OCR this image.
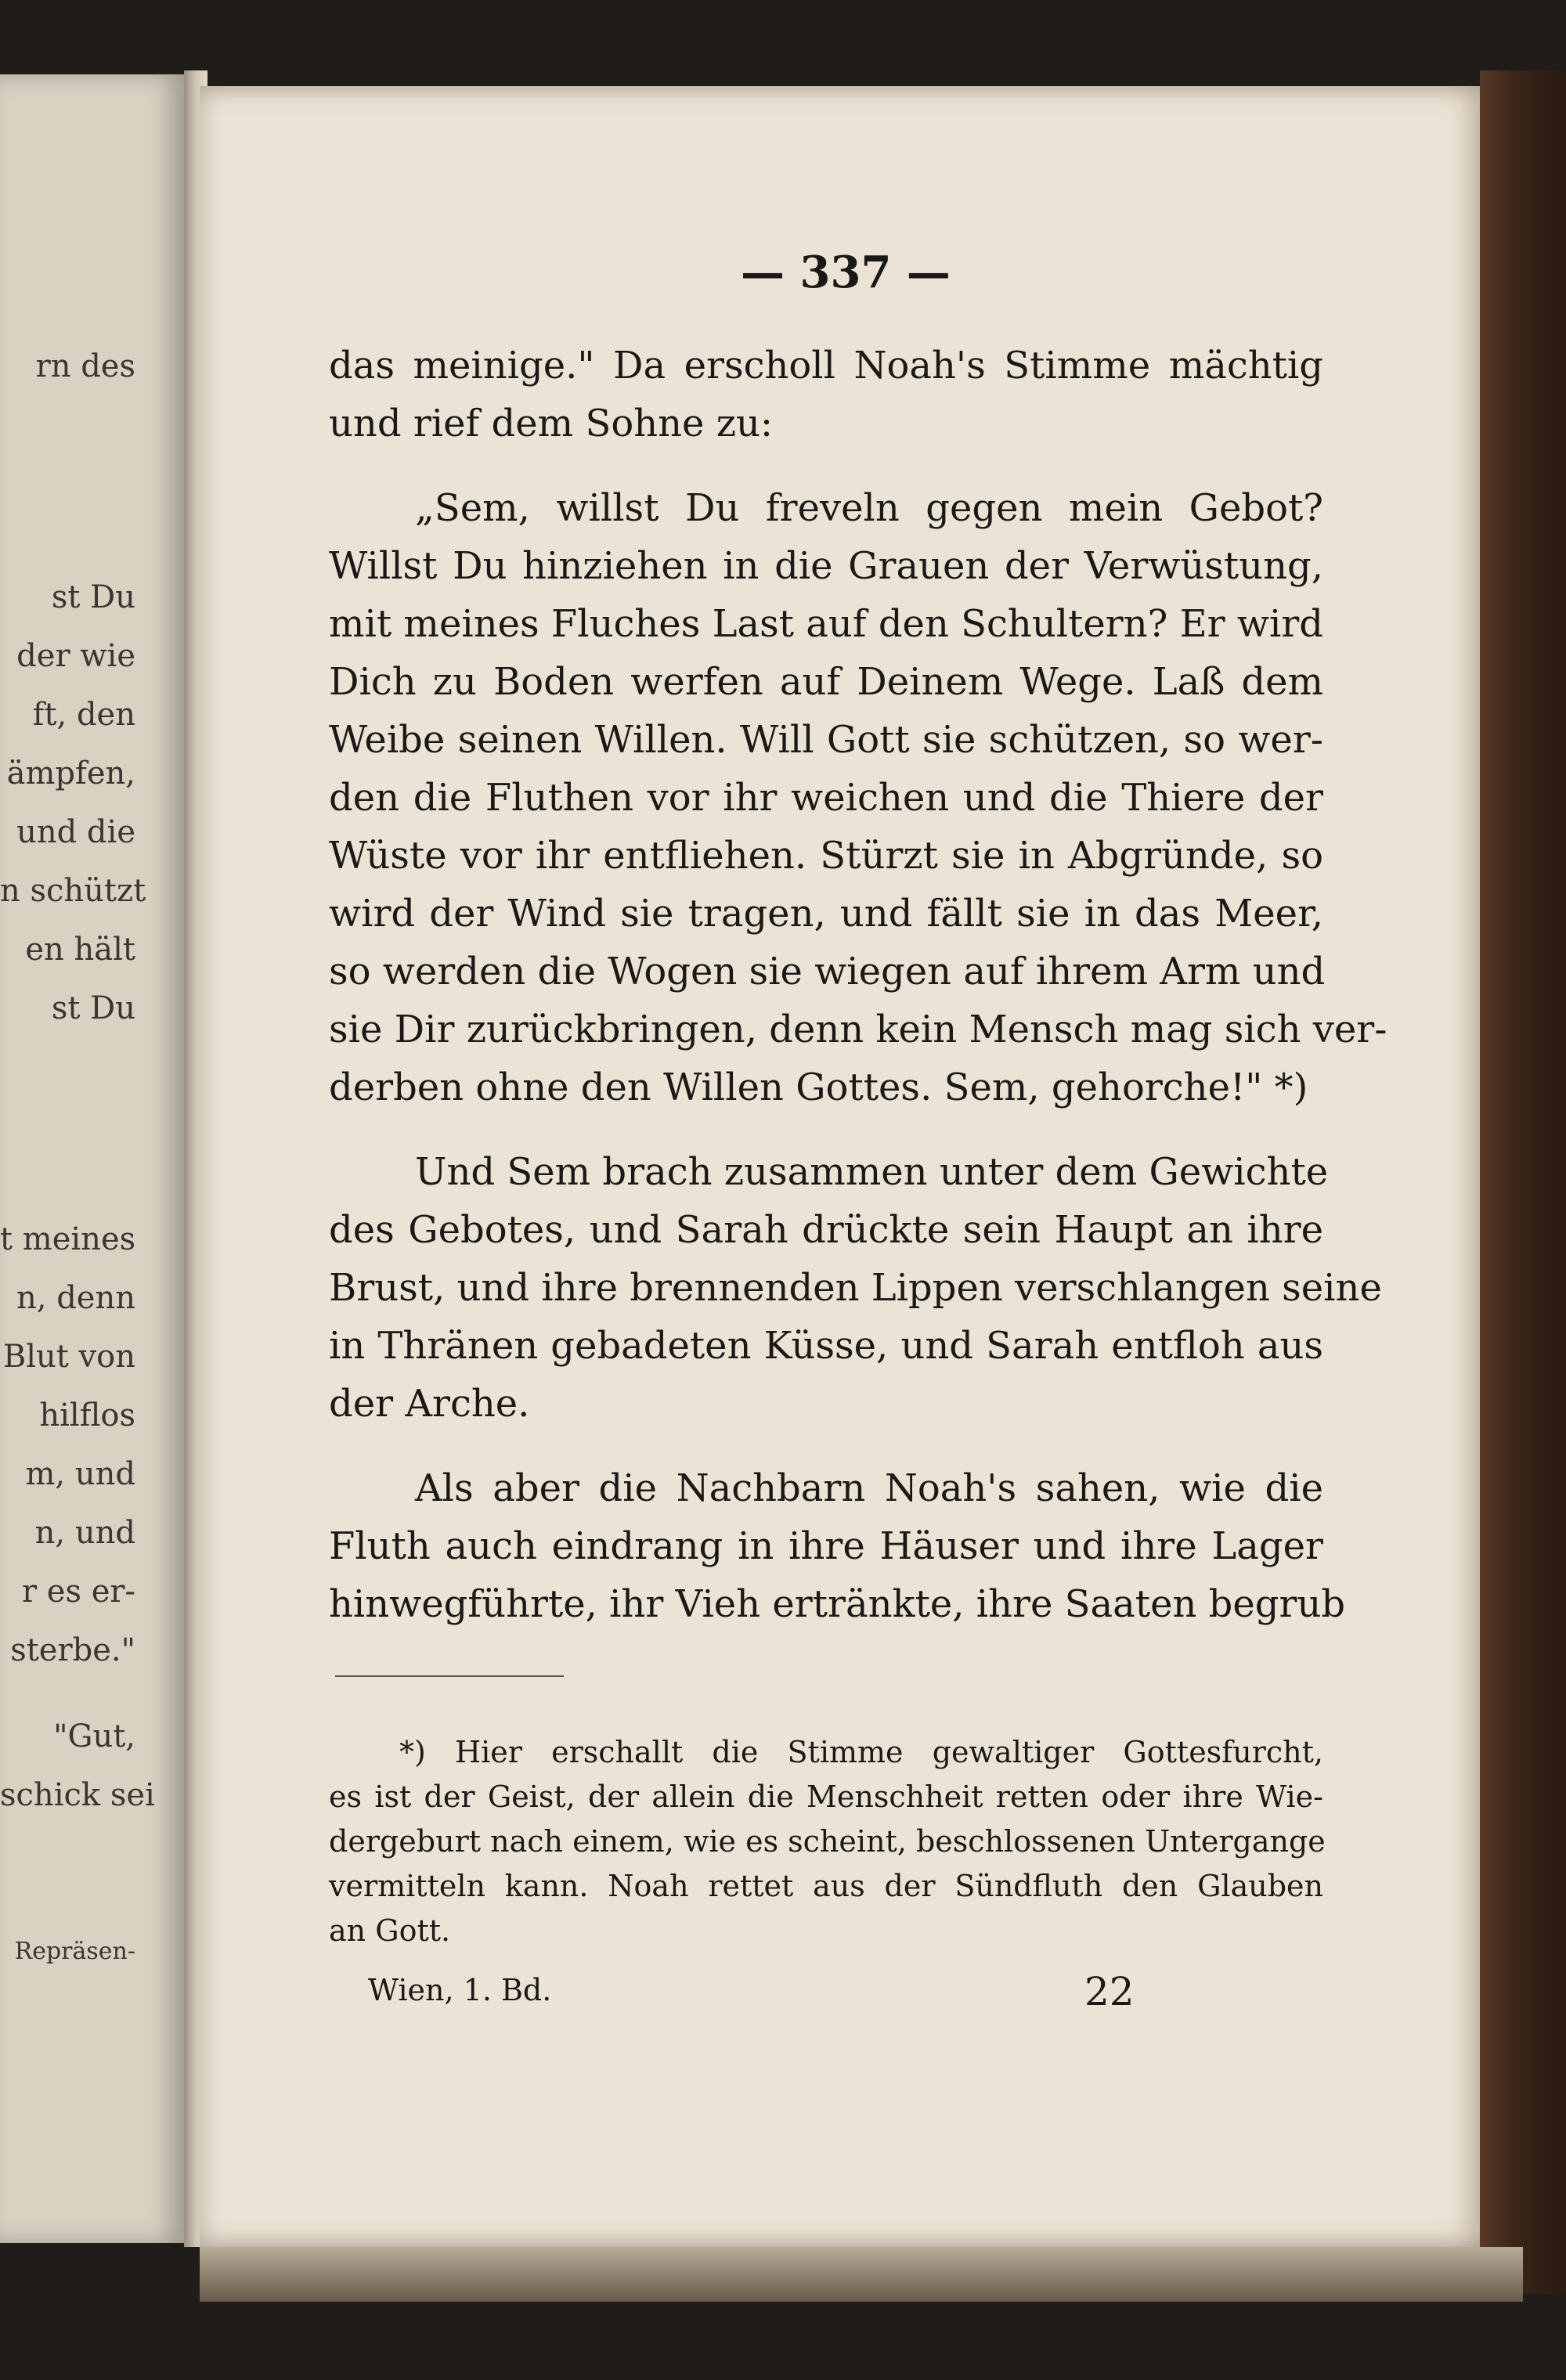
rn des
st Du
der wie
ft, den
ämpfen,
und die
n schützt
en hält
st Du
t meines
n, denn
Blut von
hilflos
m, und
n, und
r es er-
sterbe."
"Gut,
schick sei
Repräsen-
— 337 —
das meinige." Da erscholl Noah's Stimme mächtig
und rief dem Sohne zu:
„Sem, willst Du freveln gegen mein Gebot?
Willst Du hinziehen in die Grauen der Verwüstung,
mit meines Fluches Last auf den Schultern? Er wird
Dich zu Boden werfen auf Deinem Wege. Laß dem
Weibe seinen Willen. Will Gott sie schützen, so wer-
den die Fluthen vor ihr weichen und die Thiere der
Wüste vor ihr entfliehen. Stürzt sie in Abgründe, so
wird der Wind sie tragen, und fällt sie in das Meer,
so werden die Wogen sie wiegen auf ihrem Arm und
sie Dir zurückbringen, denn kein Mensch mag sich ver-
derben ohne den Willen Gottes. Sem, gehorche!" *)
Und Sem brach zusammen unter dem Gewichte
des Gebotes, und Sarah drückte sein Haupt an ihre
Brust, und ihre brennenden Lippen verschlangen seine
in Thränen gebadeten Küsse, und Sarah entfloh aus
der Arche.
Als aber die Nachbarn Noah's sahen, wie die
Fluth auch eindrang in ihre Häuser und ihre Lager
hinwegführte, ihr Vieh ertränkte, ihre Saaten begrub
*) Hier erschallt die Stimme gewaltiger Gottesfurcht,
es ist der Geist, der allein die Menschheit retten oder ihre Wie-
dergeburt nach einem, wie es scheint, beschlossenen Untergange
vermitteln kann. Noah rettet aus der Sündfluth den Glauben
an Gott.
Wien, 1. Bd.	22
